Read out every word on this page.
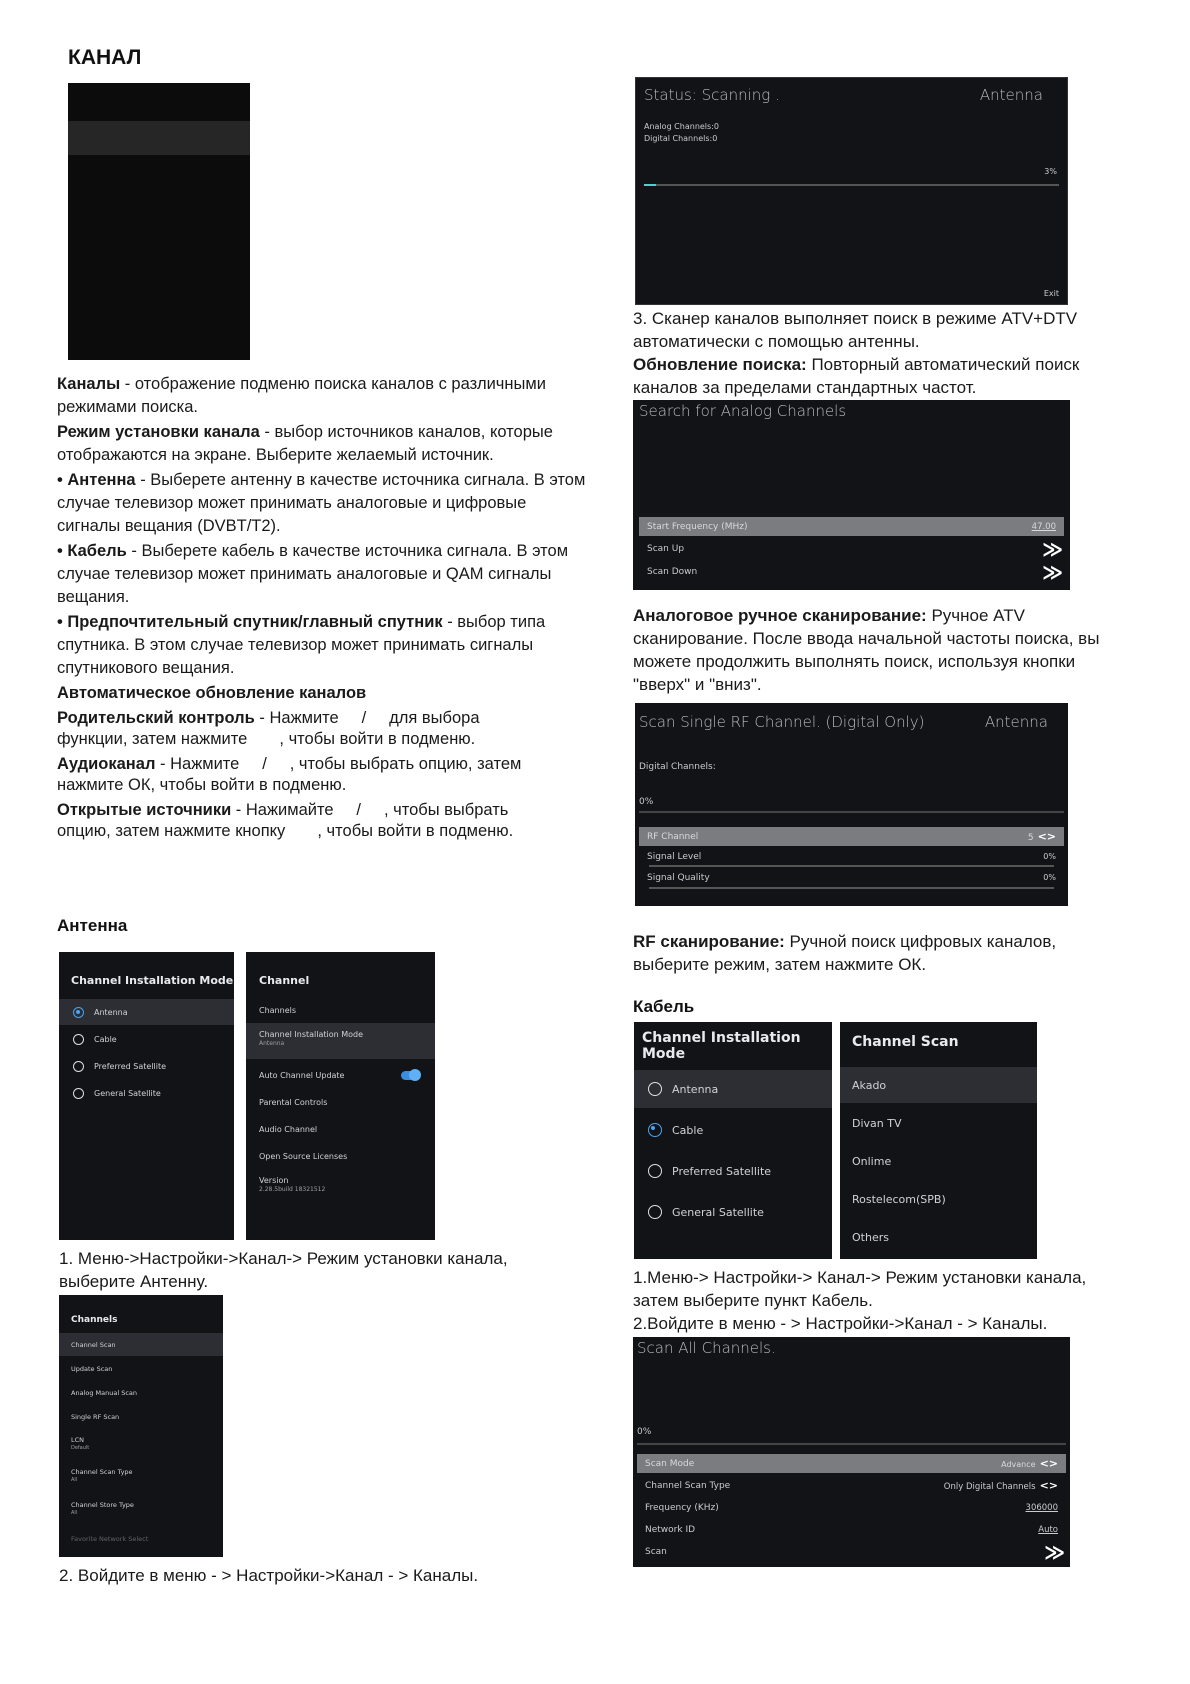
КАНАЛ

Каналы - отображение подменю поиска каналов с различными режимами поиска.

Режим установки канала - выбор источников каналов, которые отображаются на экране. Выберите желаемый источник.

• Антенна - Выберете антенну в качестве источника сигнала. В этом случае телевизор может принимать аналоговые и цифровые сигналы вещания (DVBT/T2).

• Кабель - Выберете кабель в качестве источника сигнала. В этом случае телевизор может принимать аналоговые и QAM сигналы вещания.

• Предпочтительный спутник/главный спутник - выбор типа спутника. В этом случае телевизор может принимать сигналы спутникового вещания.

Автоматическое обновление каналов

Родительский контроль - Нажмите     /     для выбора

функции, затем нажмите       , чтобы войти в подменю.

Аудиоканал - Нажмите     /     , чтобы выбрать опцию, затем

нажмите ОК, чтобы войти в подменю.

Открытые источники - Нажимайте     /     , чтобы выбрать

опцию, затем нажмите кнопку       , чтобы войти в подменю.

Антенна
Channel Installation Mode
Antenna
Cable
Preferred Satellite
General Satellite
Channel
Channels
Channel Installation Mode
Antenna
Auto Channel Update
Parental Controls
Audio Channel
Open Source Licenses
Version
2.28.5build 18321512
1. Меню->Настройки->Канал-> Режим установки канала, выберите Антенну.
Channels
Channel Scan
Update Scan
Analog Manual Scan
Single RF Scan
LCN
Default
Channel Scan Type
All
Channel Store Type
All
Favorite Network Select
2. Войдите в меню - > Настройки->Канал - > Каналы.
Status: Scanning .	Antenna
Analog Channels:0
Digital Channels:0
3%
Exit
3. Сканер каналов выполняет поиск в режиме ATV+DTV
автоматически с помощью антенны.
Обновление поиска: Повторный автоматический поиск каналов за пределами стандартных частот.
Search for Analog Channels
Start Frequency (MHz)	47.00
Scan Up	≫
Scan Down	≫
Аналоговое ручное сканирование: Ручное ATV сканирование. После ввода начальной частоты поиска, вы можете продолжить выполнять поиск, используя кнопки "вверх" и "вниз".
Scan Single RF Channel. (Digital Only)	Antenna
Digital Channels:
0%
RF Channel	5 <>
Signal Level	0%
Signal Quality	0%
RF сканирование: Ручной поиск цифровых каналов, выберите режим, затем нажмите ОК.
Кабель
Channel Installation Mode
Antenna
Cable
Preferred Satellite
General Satellite
Channel Scan
Akado
Divan TV
Onlime
Rostelecom(SPB)
Others
1.Меню-> Настройки-> Канал-> Режим установки канала, затем выберите пункт Кабель.
2.Войдите в меню - > Настройки->Канал - > Каналы.
Scan All Channels.
0%
Scan Mode	Advance <>
Channel Scan Type	Only Digital Channels <>
Frequency (KHz)	306000
Network ID	Auto
Scan	≫
